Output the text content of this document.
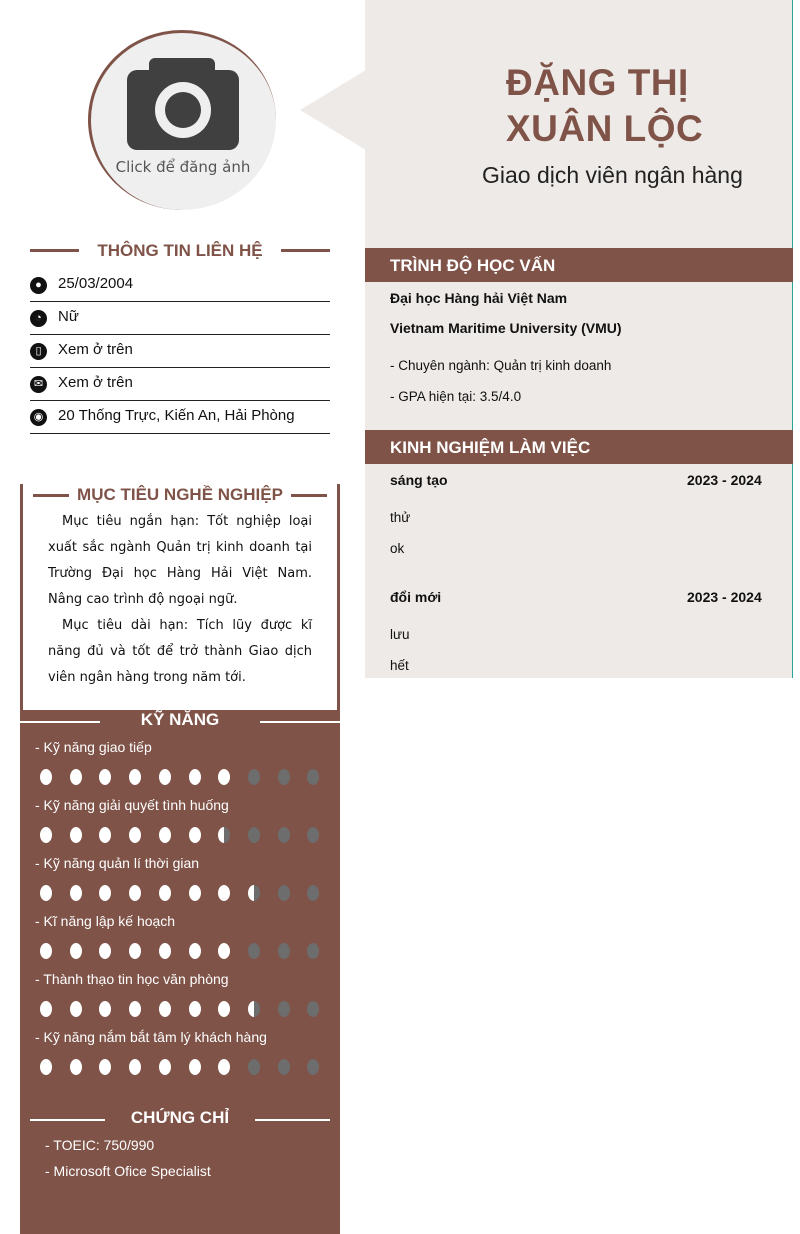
Click để đăng ảnh
ĐẶNG THỊ
XUÂN LỘC
Giao dịch viên ngân hàng
THÔNG TIN LIÊN HỆ
●	25/03/2004
◔	Nữ
▯	Xem ở trên
✉ Xem ở trên
◉ 20 Thống Trực, Kiến An, Hải Phòng
MỤC TIÊU NGHỀ NGHIỆP
Mục tiêu ngắn hạn: Tốt nghiệp loại xuất sắc ngành Quản trị kinh doanh tại Trường Đại học Hàng Hải Việt Nam. Nâng cao trình độ ngoại ngữ.
Mục tiêu dài hạn: Tích lũy được kĩ năng đủ và tốt để trở thành Giao dịch viên ngân hàng trong năm tới.
KỸ NĂNG
- Kỹ năng giao tiếp
- Kỹ năng giải quyết tình huống
- Kỹ năng quản lí thời gian
- Kĩ năng lập kế hoạch
- Thành thạo tin học văn phòng
- Kỹ năng nắm bắt tâm lý khách hàng
CHỨNG CHỈ
- TOEIC: 750/990
- Microsoft Ofice Specialist
TRÌNH ĐỘ HỌC VẤN
Đại học Hàng hải Việt Nam
Vietnam Maritime University (VMU)
- Chuyên ngành: Quản trị kinh doanh
- GPA hiện tại: 3.5/4.0
KINH NGHIỆM LÀM VIỆC
sáng tạo	2023 - 2024
thử
ok
đổi mới	2023 - 2024
lưu
hết
